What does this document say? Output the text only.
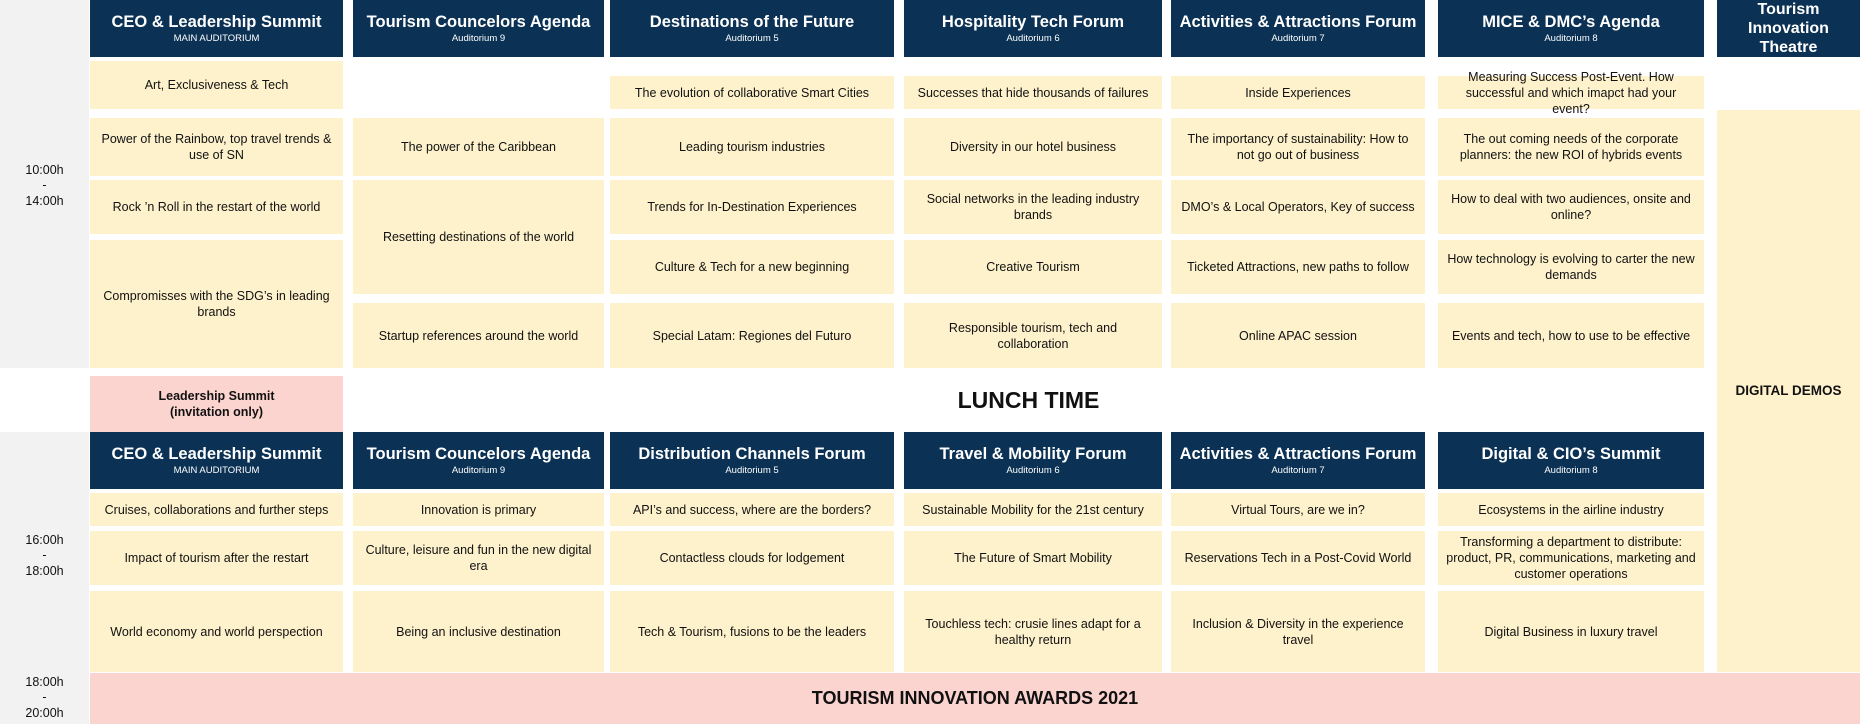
10:00h
-
14:00h
16:00h
-
18:00h
18:00h
-
20:00h
CEO & Leadership Summit
MAIN AUDITORIUM
Tourism Councelors Agenda
Auditorium 9
Destinations of the Future
Auditorium 5
Hospitality Tech Forum
Auditorium 6
Activities & Attractions Forum
Auditorium 7
MICE & DMC’s Agenda
Auditorium 8
Tourism
Innovation Theatre
Art, Exclusiveness & Tech
Power of the Rainbow, top travel trends & use of SN
Rock ’n Roll in the restart of the world
Compromisses with the SDG’s in leading brands
The power of the Caribbean
Resetting destinations of the world
Startup references around the world
The evolution of collaborative Smart Cities
Leading tourism industries
Trends for In-Destination Experiences
Culture & Tech for a new beginning
Special Latam: Regiones del Futuro
Successes that hide thousands of failures
Diversity in our hotel business
Social networks in the leading industry brands
Creative Tourism
Responsible tourism, tech and collaboration
Inside Experiences
The importancy of sustainability: How to not go out of business
DMO’s & Local Operators, Key of success
Ticketed Attractions, new paths to follow
Online APAC session
Measuring Success Post-Event. How successful and which imapct had your event?
The out coming needs of the corporate planners: the new ROI of hybrids events
How to deal with two audiences, onsite and online?
How technology is evolving to carter the new demands
Events and tech, how to use to be effective
DIGITAL DEMOS
Leadership Summit
(invitation only)	LUNCH TIME
CEO & Leadership Summit
MAIN AUDITORIUM
Tourism Councelors Agenda
Auditorium 9
Distribution Channels Forum
Auditorium 5
Travel & Mobility Forum
Auditorium 6
Activities & Attractions Forum
Auditorium 7
Digital & CIO’s Summit
Auditorium 8
Cruises, collaborations and further steps
Impact of tourism after the restart
World economy and world perspection
Innovation is primary
Culture, leisure and fun in the new digital era
Being an inclusive destination
API’s and success, where are the borders?
Contactless clouds for lodgement
Tech & Tourism, fusions to be the leaders
Sustainable Mobility for the 21st century
The Future of Smart Mobility
Touchless tech: crusie lines adapt for a healthy return
Virtual Tours, are we in?
Reservations Tech in a Post-Covid World
Inclusion & Diversity in the experience travel
Ecosystems in the airline industry
Transforming a department to distribute: product, PR, communications, marketing and customer operations
Digital Business in luxury travel
TOURISM INNOVATION AWARDS 2021
